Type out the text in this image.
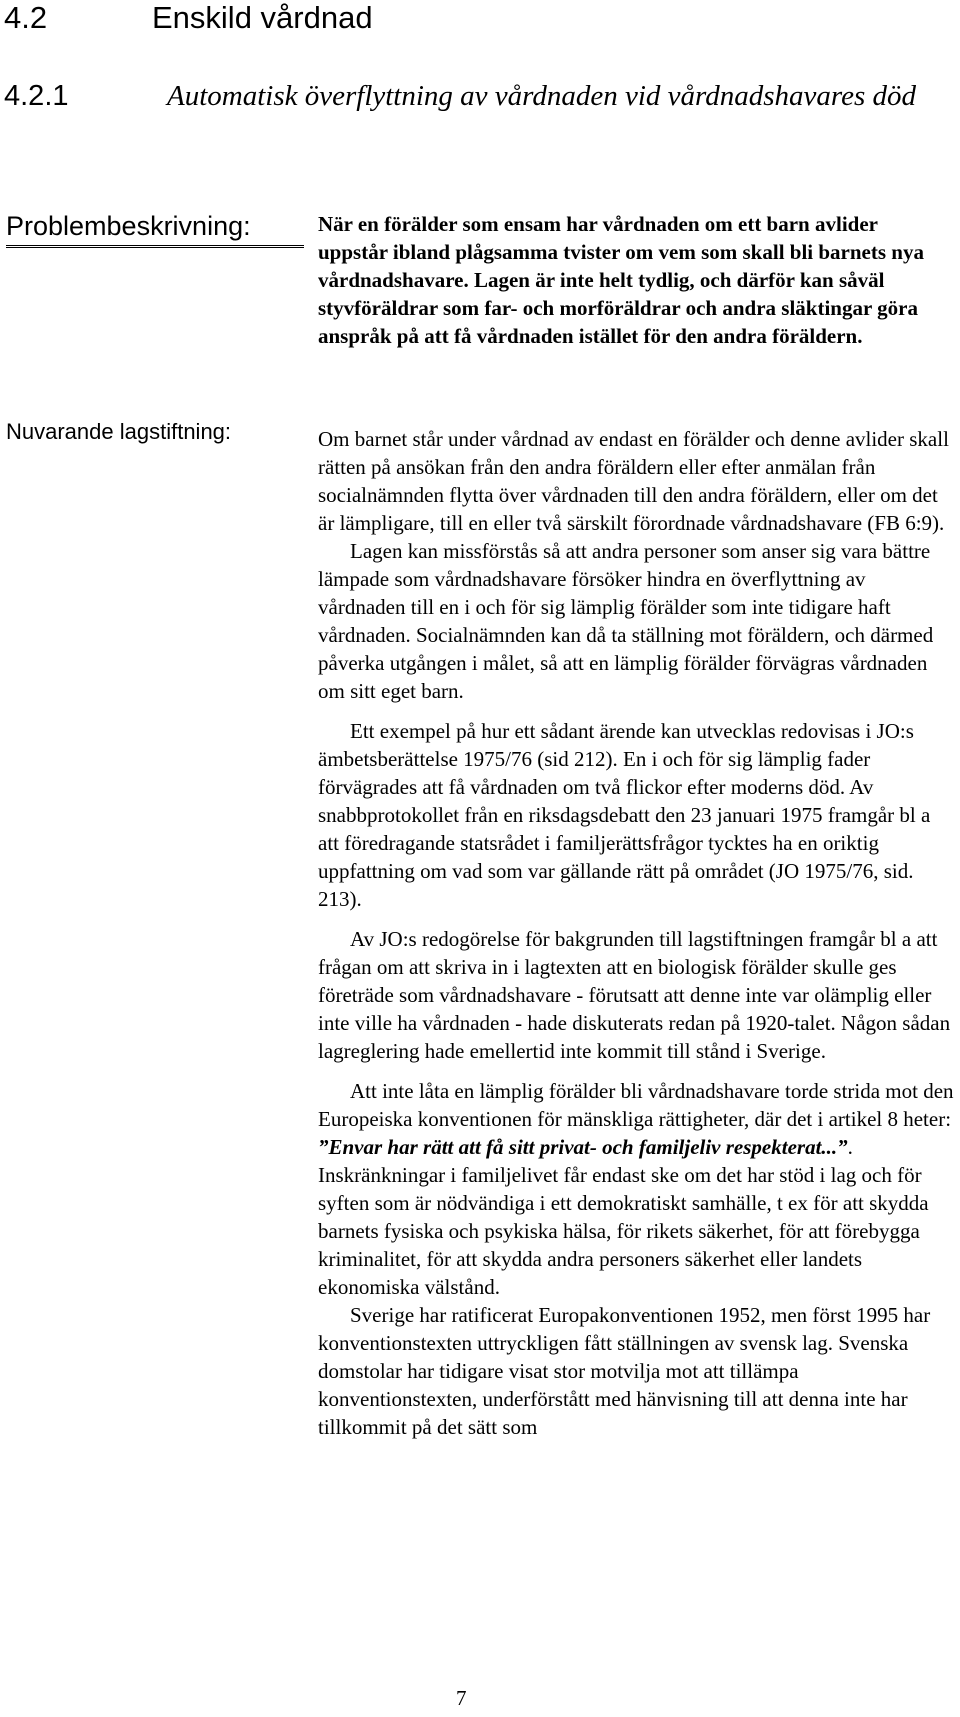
4.2	Enskild vårdnad
4.2.1	Automatisk överflyttning av vårdnaden vid vårdnadshavares död
Problembeskrivning:	När en förälder som ensam har vårdnaden om ett barn avlider uppstår ibland plågsamma tvister om vem som skall bli barnets nya vårdnadshavare. Lagen är inte helt tydlig, och därför kan såväl styvföräldrar som far- och morföräldrar och andra släktingar göra anspråk på att få vårdnaden istället för den andra föräldern.
Nuvarande lagstiftning:	Om barnet står under vårdnad av endast en förälder och denne avlider skall rätten på ansökan från den andra föräldern eller efter anmälan från socialnämnden flytta över vårdnaden till den andra föräldern, eller om det är lämpligare, till en eller två särskilt förordnade vårdnadshavare (FB 6:9).

Lagen kan missförstås så att andra personer som anser sig vara bättre lämpade som vårdnadshavare försöker hindra en överflyttning av vårdnaden till en i och för sig lämplig förälder som inte tidigare haft vårdnaden. Socialnämnden kan då ta ställning mot föräldern, och därmed påverka utgången i målet, så att en lämplig förälder förvägras vårdnaden om sitt eget barn.

Ett exempel på hur ett sådant ärende kan utvecklas redovisas i JO:s ämbetsberättelse 1975/76 (sid 212). En i och för sig lämplig fader förvägrades att få vårdnaden om två flickor efter moderns död. Av snabbprotokollet från en riksdagsdebatt den 23 januari 1975 framgår bl a att föredragande statsrådet i familjerättsfrågor tycktes ha en oriktig uppfattning om vad som var gällande rätt på området (JO 1975/76, sid. 213).

Av JO:s redogörelse för bakgrunden till lagstiftningen framgår bl a att frågan om att skriva in i lagtexten att en biologisk förälder skulle ges företräde som vårdnadshavare - förutsatt att denne inte var olämplig eller inte ville ha vårdnaden - hade diskuterats redan på 1920-talet. Någon sådan lagreglering hade emellertid inte kommit till stånd i Sverige.

Att inte låta en lämplig förälder bli vårdnadshavare torde strida mot den Europeiska konventionen för mänskliga rättigheter, där det i artikel 8 heter: ”Envar har rätt att få sitt privat- och familjeliv respekterat...”. Inskränkningar i familjelivet får endast ske om det har stöd i lag och för syften som är nödvändiga i ett demokratiskt samhälle, t ex för att skydda barnets fysiska och psykiska hälsa, för rikets säkerhet, för att förebygga kriminalitet, för att skydda andra personers säkerhet eller landets ekonomiska välstånd.

Sverige har ratificerat Europakonventionen 1952, men först 1995 har konventionstexten uttryckligen fått ställningen av svensk lag. Svenska domstolar har tidigare visat stor motvilja mot att tillämpa konventionstexten, underförstått med hänvisning till att denna inte har tillkommit på det sätt som

7
